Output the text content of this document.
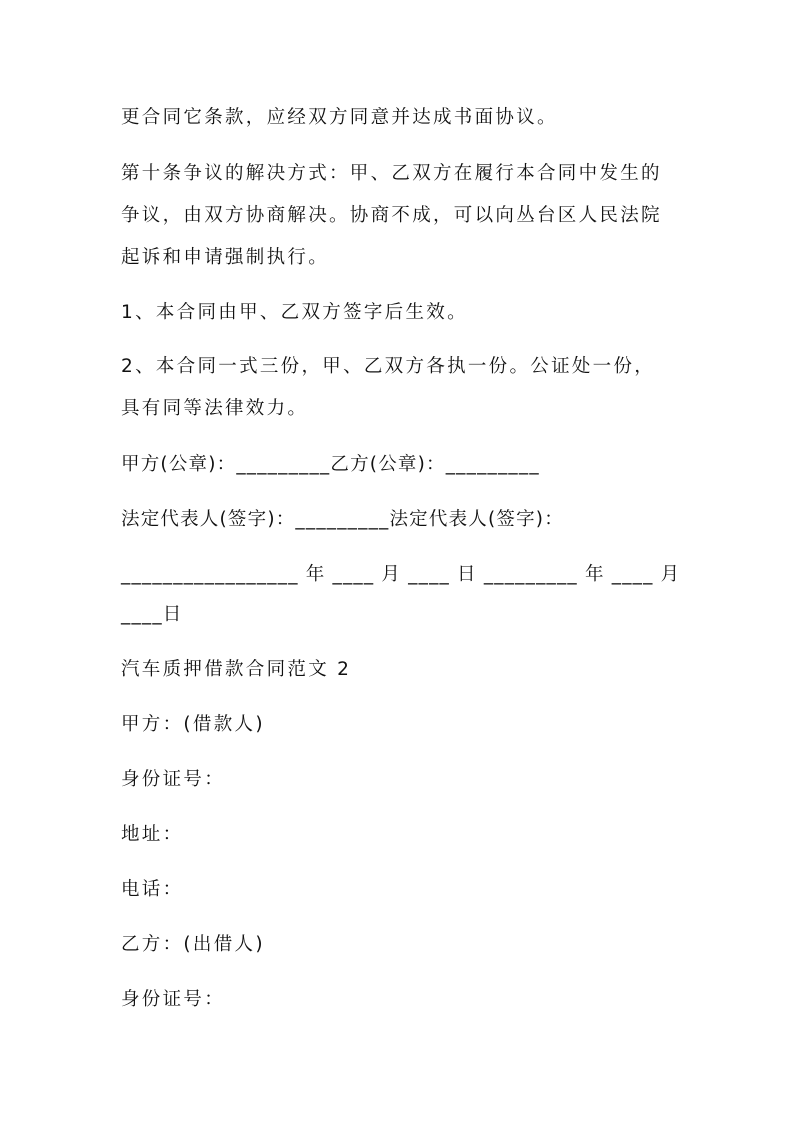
更合同它条款，应经双方同意并达成书面协议。
第十条争议的解决方式：甲、乙双方在履行本合同中发生的
争议，由双方协商解决。协商不成，可以向丛台区人民法院
起诉和申请强制执行。
1、本合同由甲、乙双方签字后生效。
2、本合同一式三份，甲、乙双方各执一份。公证处一份，
具有同等法律效力。
甲方(公章)：_________乙方(公章)：_________
法定代表人(签字)：_________法定代表人(签字)：
_________________ 年 ____ 月 ____ 日 _________ 年 ____ 月
____日
汽车质押借款合同范文 2
甲方：(借款人)
身份证号：
地址：
电话：
乙方：(出借人)
身份证号：
